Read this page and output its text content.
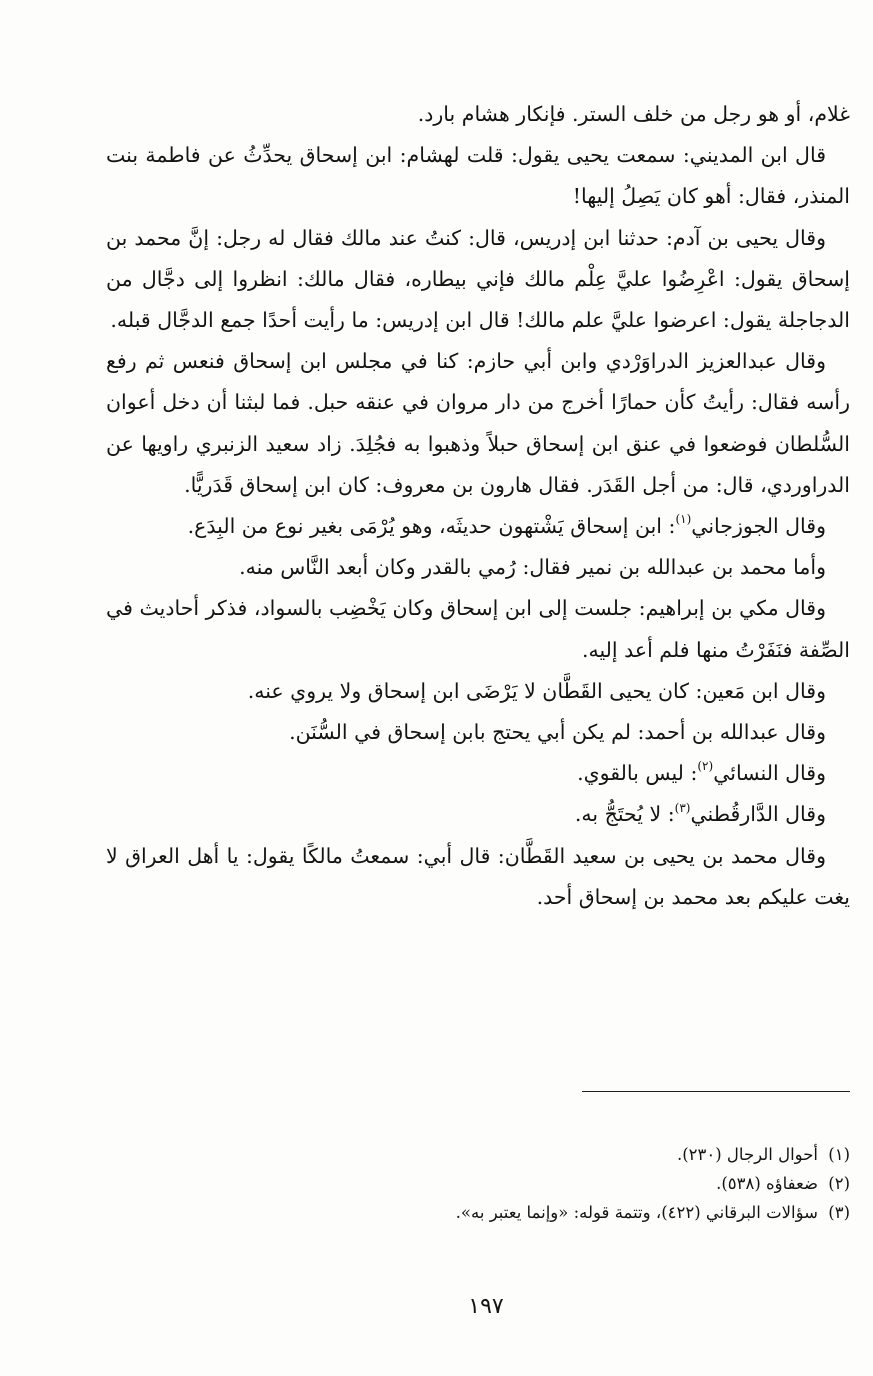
غلام، أو هو رجل من خلف الستر. فإنكار هشام بارد.

قال ابن المديني: سمعت يحيى يقول: قلت لهشام: ابن إسحاق يحدِّثُ عن فاطمة بنت المنذر، فقال: أهو كان يَصِلُ إليها!

وقال يحيى بن آدم: حدثنا ابن إدريس، قال: كنتُ عند مالك فقال له رجل: إنَّ محمد بن إسحاق يقول: اعْرِضُوا عليَّ عِلْم مالك فإني بيطاره، فقال مالك: انظروا إلى دجَّال من الدجاجلة يقول: اعرضوا عليَّ علم مالك! قال ابن إدريس: ما رأيت أحدًا جمع الدجَّال قبله.

وقال عبدالعزيز الدراوَرْدي وابن أبي حازم: كنا في مجلس ابن إسحاق فنعس ثم رفع رأسه فقال: رأيتُ كأن حمارًا أخرج من دار مروان في عنقه حبل. فما لبثنا أن دخل أعوان السُّلطان فوضعوا في عنق ابن إسحاق حبلاً وذهبوا به فجُلِدَ. زاد سعيد الزنبري راويها عن الدراوردي، قال: من أجل القَدَر. فقال هارون بن معروف: كان ابن إسحاق قَدَريًّا.

وقال الجوزجاني$^{(١)}$: ابن إسحاق يَشْتهون حديثَه، وهو يُرْمَى بغير نوع من البِدَع.

وأما محمد بن عبدالله بن نمير فقال: رُمي بالقدر وكان أبعد النَّاس منه.

وقال مكي بن إبراهيم: جلست إلى ابن إسحاق وكان يَخْضِب بالسواد، فذكر أحاديث في الصِّفة فنَفَرْتُ منها فلم أعد إليه.

وقال ابن مَعين: كان يحيى القَطَّان لا يَرْضَى ابن إسحاق ولا يروي عنه.

وقال عبدالله بن أحمد: لم يكن أبي يحتج بابن إسحاق في السُّنَن.

وقال النسائي$^{(٢)}$: ليس بالقوي.

وقال الدَّارقُطني$^{(٣)}$: لا يُحتَجُّ به.

وقال محمد بن يحيى بن سعيد القَطَّان: قال أبي: سمعتُ مالكًا يقول: يا أهل العراق لا يغت عليكم بعد محمد بن إسحاق أحد.

(١)أحوال الرجال (٢٣٠).
(٢)ضعفاؤه (٥٣٨).
(٣)سؤالات البرقاني (٤٢٢)، وتتمة قوله: «وإنما يعتبر به».
١٩٧
